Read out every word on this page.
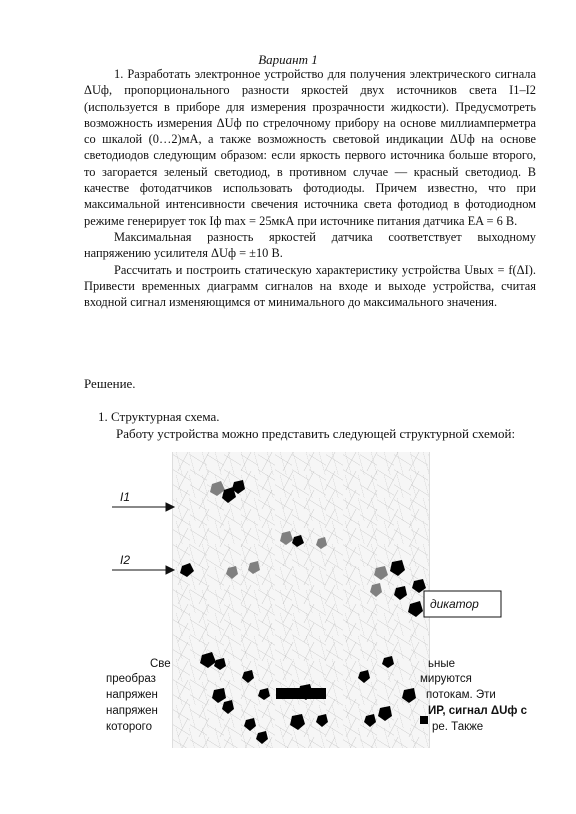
Вариант 1

1. Разработать электронное устройство для получения электрического сигнала ΔUф, пропорционального разности яркостей двух источников света I1–I2 (используется в приборе для измерения прозрачности жидкости). Предусмотреть возможность измерения ΔUф по стрелочному прибору на основе миллиамперметра со шкалой (0…2)мА, а также возможность световой индикации ΔUф на основе светодиодов следующим образом: если яркость первого источника больше второго, то загорается зеленый светодиод, в противном случае — красный светодиод. В качестве фотодатчиков использовать фотодиоды. Причем известно, что при максимальной интенсивности свечения источника света фотодиод в фотодиодном режиме генерирует ток Iф max = 25мкА при источнике питания датчика EA = 6 В.

Максимальная разность яркостей датчика соответствует выходному напряжению усилителя ΔUф = ±10 В.

Рассчитать и построить статическую характеристику устройства Uвых = f(ΔI). Привести временных диаграмм сигналов на входе и выходе устройства, считая входной сигнал изменяющимся от минимального до максимального значения.

Решение.
1. Структурная схема.
Работу устройства можно представить следующей структурной схемой:
I1
I2
дикатор
Све
преобраз
напряжен
напряжен
которого
ьные
мируются
потокам. Эти
ИР, сигнал ΔUф с
ре. Также
